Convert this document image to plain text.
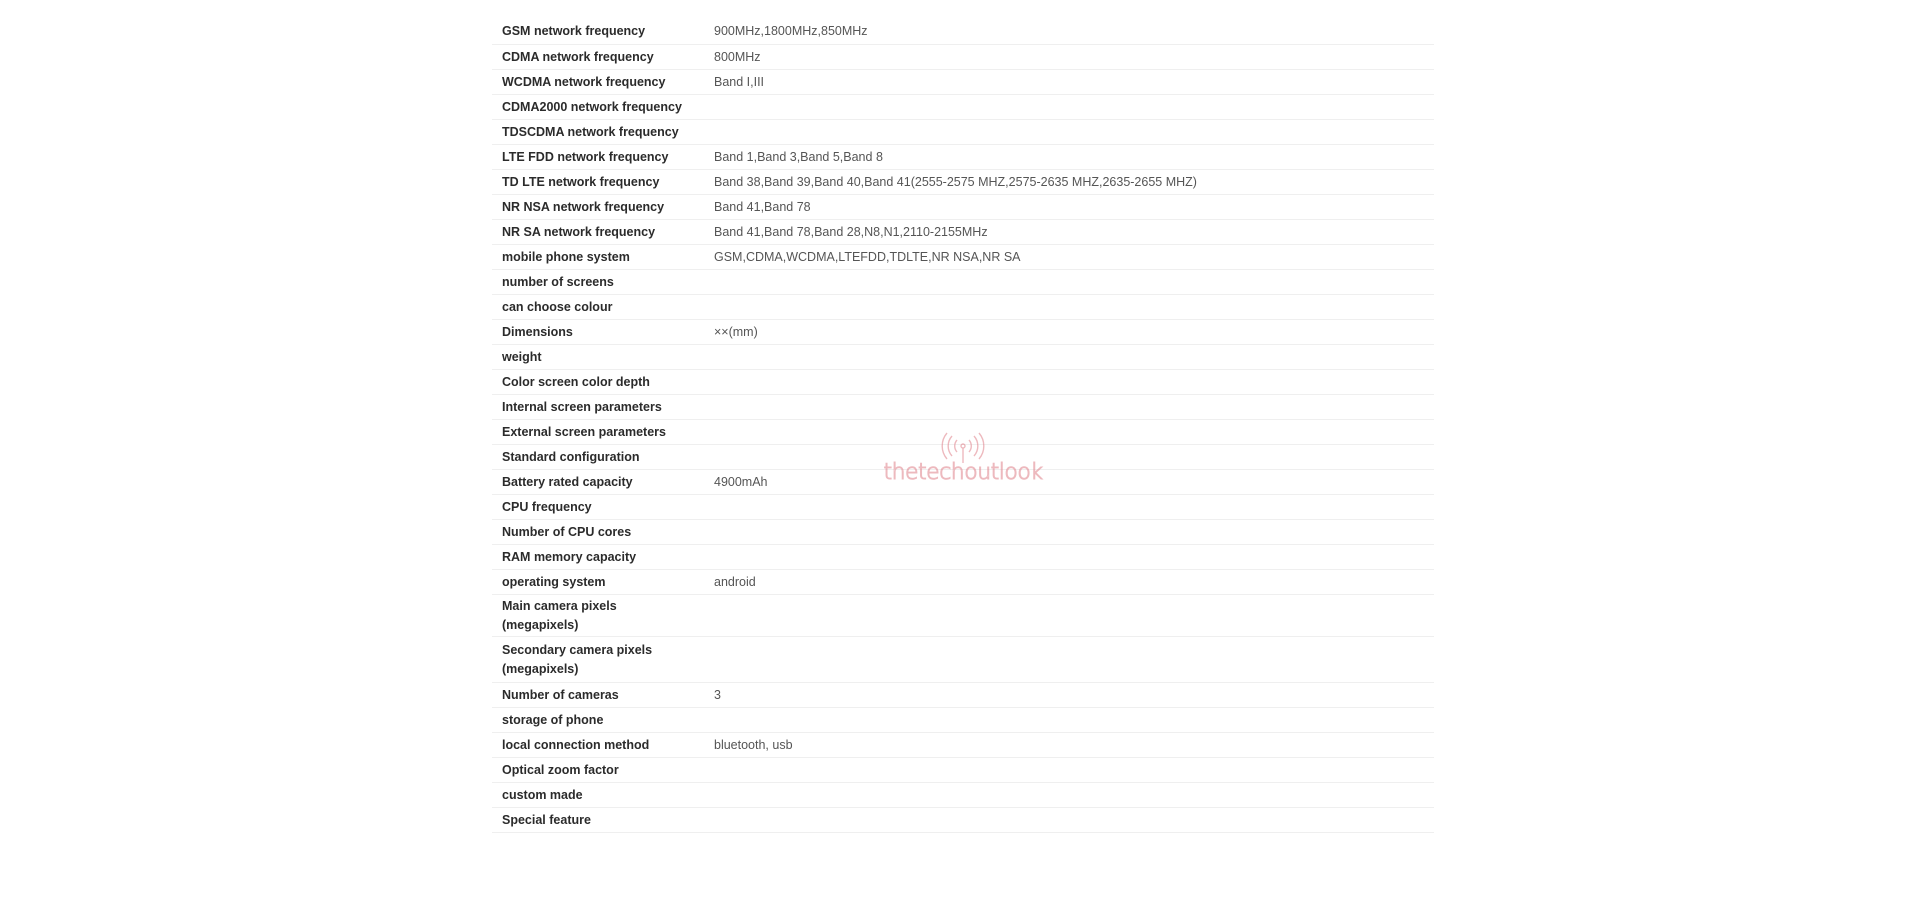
GSM network frequency	900MHz,1800MHz,850MHz
CDMA network frequency	800MHz
WCDMA network frequency	Band I,III
CDMA2000 network frequency	
TDSCDMA network frequency	
LTE FDD network frequency	Band 1,Band 3,Band 5,Band 8
TD LTE network frequency	Band 38,Band 39,Band 40,Band 41(2555-2575 MHZ,2575-2635 MHZ,2635-2655 MHZ)
NR NSA network frequency	Band 41,Band 78
NR SA network frequency	Band 41,Band 78,Band 28,N8,N1,2110-2155MHz
mobile phone system	GSM,CDMA,WCDMA,LTEFDD,TDLTE,NR NSA,NR SA
number of screens	
can choose colour	
Dimensions	××(mm)
weight	
Color screen color depth	
Internal screen parameters	
External screen parameters	
Standard configuration	
Battery rated capacity	4900mAh
CPU frequency	
Number of CPU cores	
RAM memory capacity	
operating system	android
Main camera pixels (megapixels)	
Secondary camera pixels (megapixels)	
Number of cameras	3
storage of phone	
local connection method	bluetooth, usb
Optical zoom factor	
custom made	
Special feature	
thetechoutlook
